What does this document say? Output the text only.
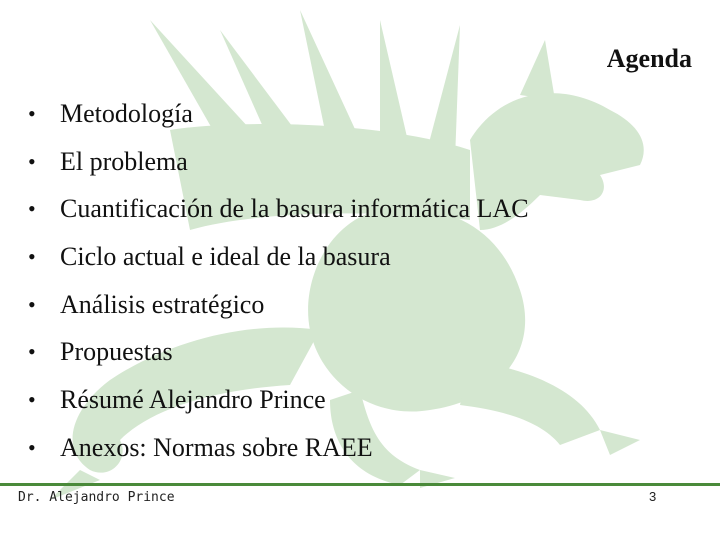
Agenda
• Metodología
• El problema
• Cuantificación de la basura informática LAC
• Ciclo actual e ideal de la basura
• Análisis estratégico
• Propuestas
• Résumé Alejandro Prince
• Anexos: Normas sobre RAEE
Dr. Alejandro Prince	3
